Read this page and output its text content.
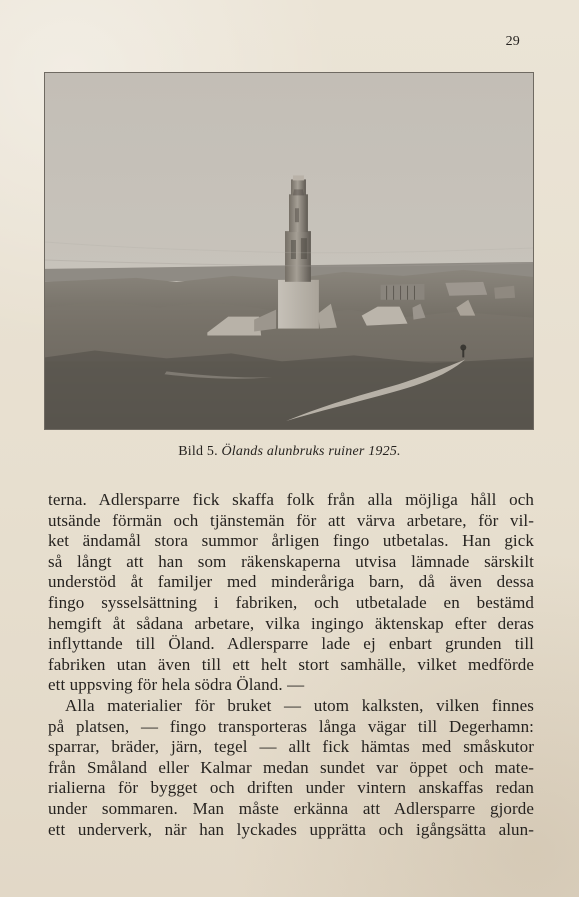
29
Bild 5. Ölands alunbruks ruiner 1925.
terna. Adlersparre fick skaffa folk från alla möjliga håll och
utsände förmän och tjänstemän för att värva arbetare, för vil-
ket ändamål stora summor årligen fingo utbetalas. Han gick
så långt att han som räkenskaperna utvisa lämnade särskilt
understöd åt familjer med minderåriga barn, då även dessa
fingo sysselsättning i fabriken, och utbetalade en bestämd
hemgift åt sådana arbetare, vilka ingingo äktenskap efter deras
inflyttande till Öland. Adlersparre lade ej enbart grunden till
fabriken utan även till ett helt stort samhälle, vilket medförde
ett uppsving för hela södra Öland. —
Alla materialier för bruket — utom kalksten, vilken finnes
på platsen, — fingo transporteras långa vägar till Degerhamn:
sparrar, bräder, järn, tegel — allt fick hämtas med småskutor
från Småland eller Kalmar medan sundet var öppet och mate-
rialierna för bygget och driften under vintern anskaffas redan
under sommaren. Man måste erkänna att Adlersparre gjorde
ett underverk, när han lyckades upprätta och igångsätta alun-
